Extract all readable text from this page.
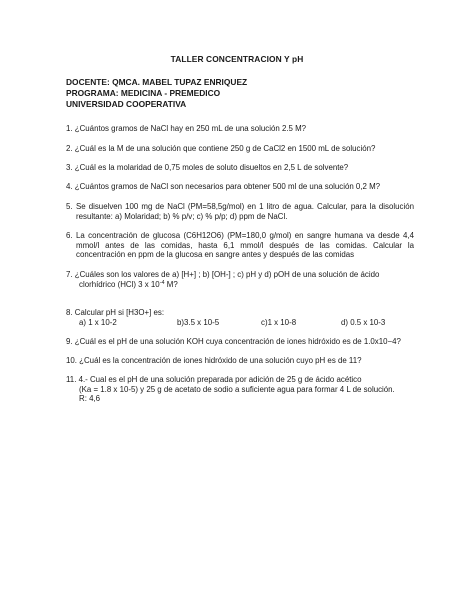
TALLER CONCENTRACION Y pH
DOCENTE: QMCA. MABEL TUPAZ ENRIQUEZ
PROGRAMA: MEDICINA - PREMEDICO
UNIVERSIDAD COOPERATIVA
1. ¿Cuántos gramos de NaCl hay en 250 mL de una solución 2.5 M?
2. ¿Cuál es la M de una solución que contiene 250 g de CaCl2 en 1500 mL de solución?
3. ¿Cuál es la molaridad de 0,75 moles de soluto disueltos en 2,5 L de solvente?
4. ¿Cuántos gramos de NaCl son necesarios para obtener 500 ml de una solución 0,2 M?
5. Se disuelven 100 mg de NaCl (PM=58,5g/mol) en 1 litro de agua. Calcular, para la disolución
resultante: a) Molaridad; b) % p/v; c) % p/p; d) ppm de NaCl.
6. La concentración de glucosa (C6H12O6) (PM=180,0 g/mol) en sangre humana va desde 4,4
mmol/l antes de las comidas, hasta 6,1 mmol/l después de las comidas. Calcular la
concentración en ppm de la glucosa en sangre antes y después de las comidas
7. ¿Cuáles son los valores de a) [H+] ; b) [OH-] ; c) pH y d) pOH de una solución de ácido
clorhídrico (HCl) 3 x $10^{-4}$ M?
8. Calcular pH si [H3O+] es:
a) 1 x 10-2	b)3.5 x 10-5	c)1 x 10-8	d) 0.5 x 10-3
9. ¿Cuál es el pH de una solución KOH cuya concentración de iones hidróxido es de 1.0x10−4?
10. ¿Cuál es la concentración de iones hidróxido de una solución cuyo pH es de 11?
11. 4.- Cual es el pH de una solución preparada por adición de 25 g de ácido acético
(Ka = 1.8 x 10-5) y 25 g de acetato de sodio a suficiente agua para formar 4 L de solución.
R: 4,6
